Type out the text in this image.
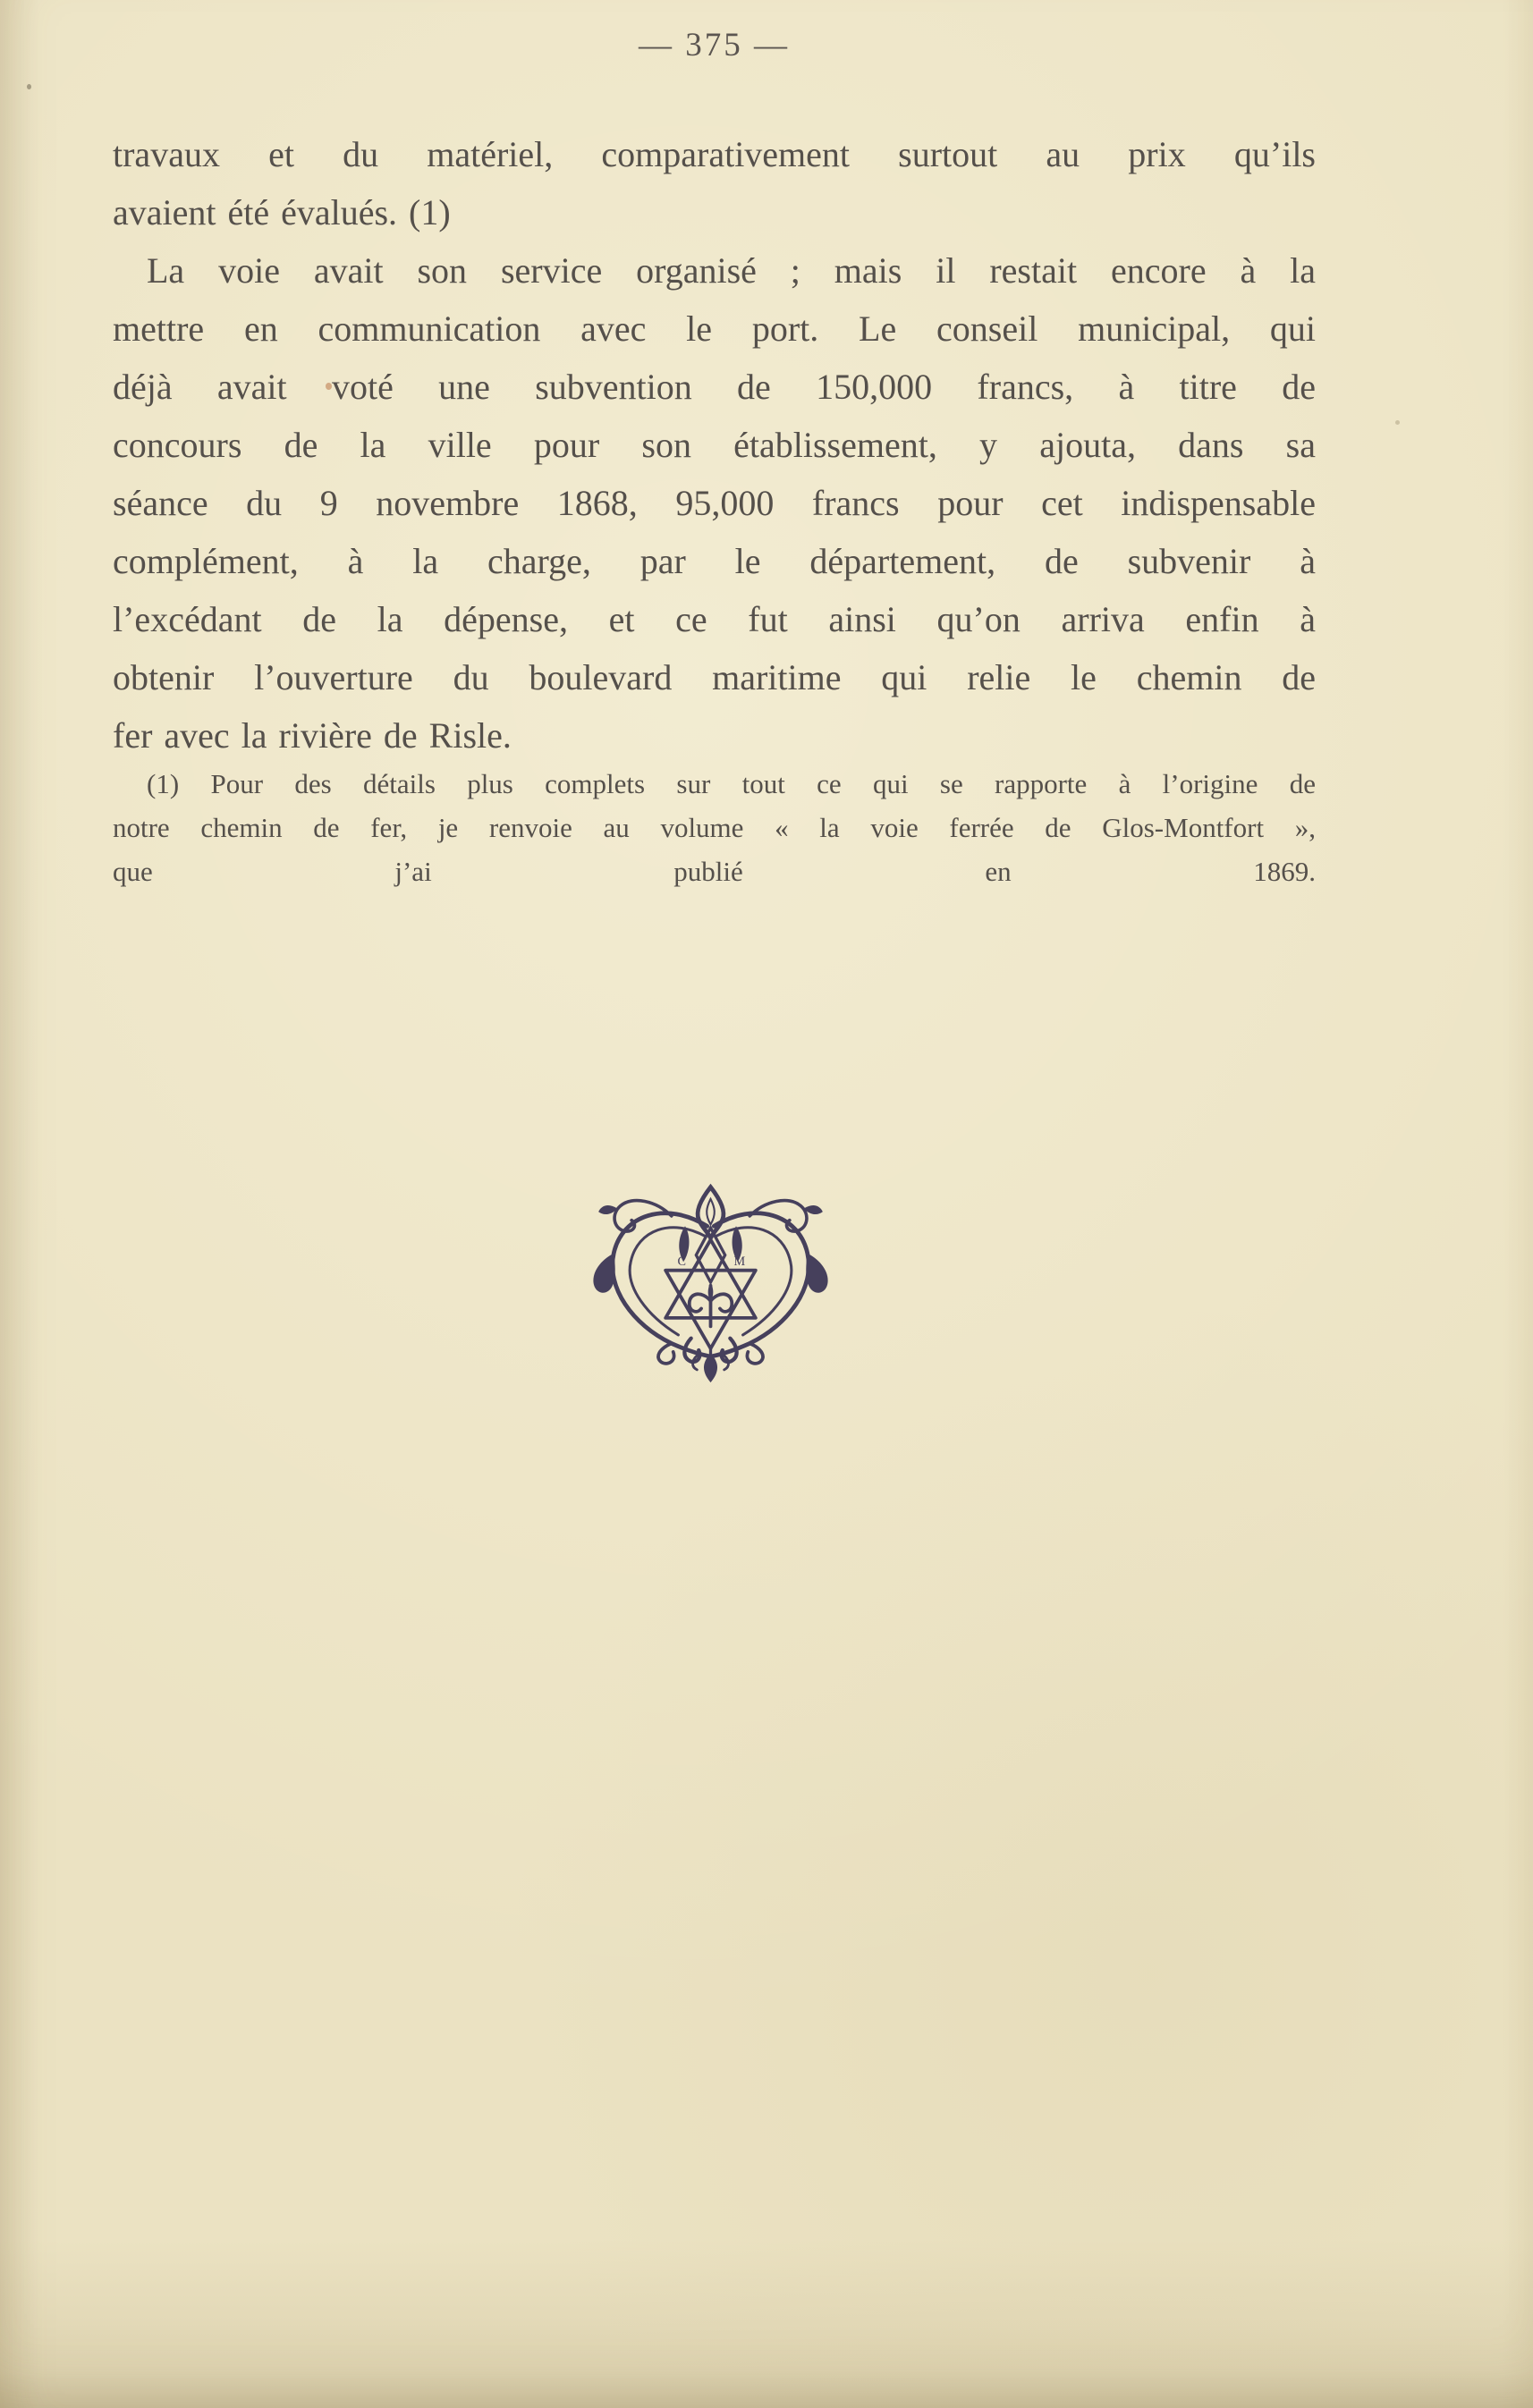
— 375 —
travaux et du matériel, comparativement surtout au prix qu’ils
avaient été évalués. (1)
La voie avait son service organisé ; mais il restait encore à la
mettre en communication avec le port. Le conseil municipal, qui
déjà avait voté une subvention de 150,000 francs, à titre de
concours de la ville pour son établissement, y ajouta, dans sa
séance du 9 novembre 1868, 95,000 francs pour cet indispensable
complément, à la charge, par le département, de subvenir à
l’excédant de la dépense, et ce fut ainsi qu’on arriva enfin à
obtenir l’ouverture du boulevard maritime qui relie le chemin de
fer avec la rivière de Risle.
(1) Pour des détails plus complets sur tout ce qui se rapporte à l’origine de
notre chemin de fer, je renvoie au volume « la voie ferrée de Glos-Montfort »,
que j’ai publié en 1869.
C	M
